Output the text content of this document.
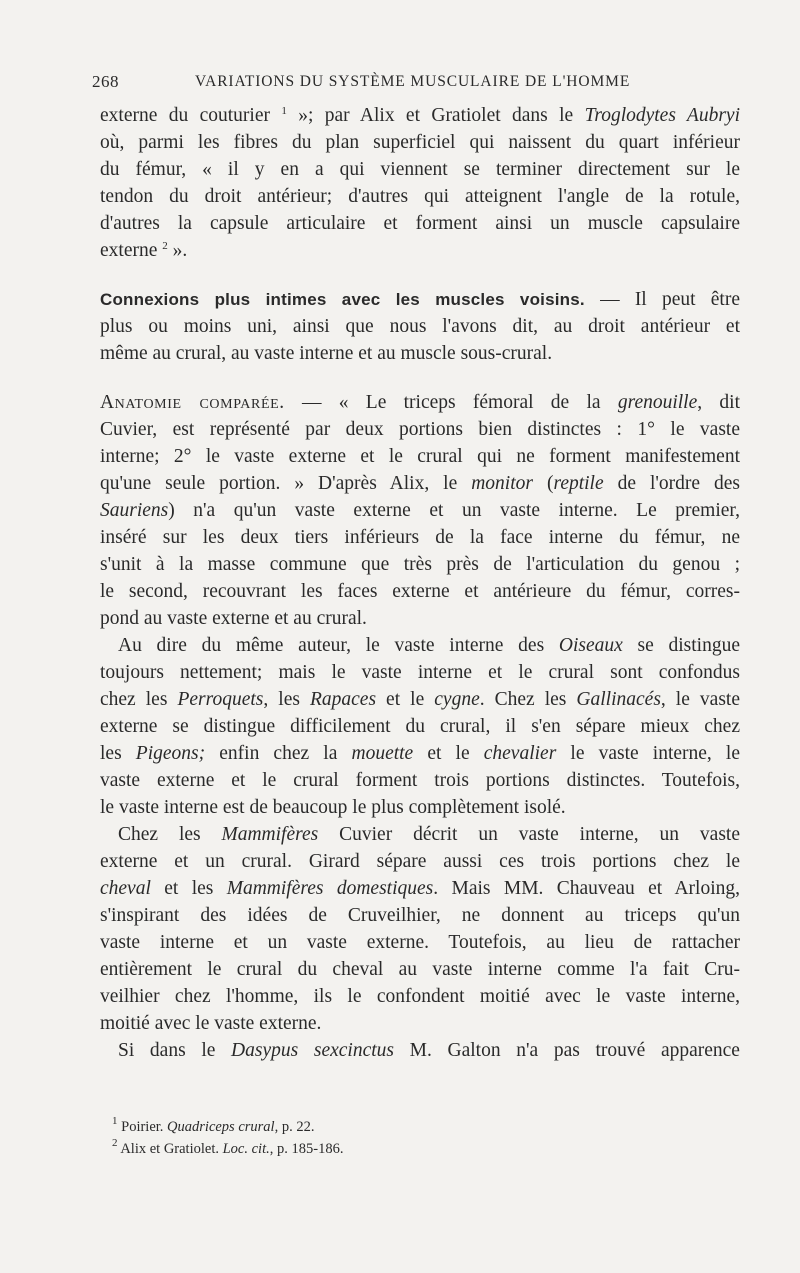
268	VARIATIONS DU SYSTÈME MUSCULAIRE DE L'HOMME
externe du couturier $^1$ »; par Alix et Gratiolet dans le Troglodytes Aubryi
où, parmi les fibres du plan superficiel qui naissent du quart inférieur
du fémur, « il y en a qui viennent se terminer directement sur le
tendon du droit antérieur; d'autres qui atteignent l'angle de la rotule,
d'autres la capsule articulaire et forment ainsi un muscle capsulaire
externe $^2$ ».
Connexions plus intimes avec les muscles voisins. — Il peut être
plus ou moins uni, ainsi que nous l'avons dit, au droit antérieur et
même au crural, au vaste interne et au muscle sous-crural.
Anatomie comparée. — « Le triceps fémoral de la grenouille, dit
Cuvier, est représenté par deux portions bien distinctes : 1° le vaste
interne; 2° le vaste externe et le crural qui ne forment manifestement
qu'une seule portion. » D'après Alix, le monitor (reptile de l'ordre des
Sauriens) n'a qu'un vaste externe et un vaste interne. Le premier,
inséré sur les deux tiers inférieurs de la face interne du fémur, ne
s'unit à la masse commune que très près de l'articulation du genou ;
le second, recouvrant les faces externe et antérieure du fémur, corres-
pond au vaste externe et au crural.
Au dire du même auteur, le vaste interne des Oiseaux se distingue
toujours nettement; mais le vaste interne et le crural sont confondus
chez les Perroquets, les Rapaces et le cygne. Chez les Gallinacés, le vaste
externe se distingue difficilement du crural, il s'en sépare mieux chez
les Pigeons; enfin chez la mouette et le chevalier le vaste interne, le
vaste externe et le crural forment trois portions distinctes. Toutefois,
le vaste interne est de beaucoup le plus complètement isolé.
Chez les Mammifères Cuvier décrit un vaste interne, un vaste
externe et un crural. Girard sépare aussi ces trois portions chez le
cheval et les Mammifères domestiques. Mais MM. Chauveau et Arloing,
s'inspirant des idées de Cruveilhier, ne donnent au triceps qu'un
vaste interne et un vaste externe. Toutefois, au lieu de rattacher
entièrement le crural du cheval au vaste interne comme l'a fait Cru-
veilhier chez l'homme, ils le confondent moitié avec le vaste interne,
moitié avec le vaste externe.
Si dans le Dasypus sexcinctus M. Galton n'a pas trouvé apparence

$^1$ Poirier. Quadriceps crural, p. 22.

$^2$ Alix et Gratiolet. Loc. cit., p. 185-186.
